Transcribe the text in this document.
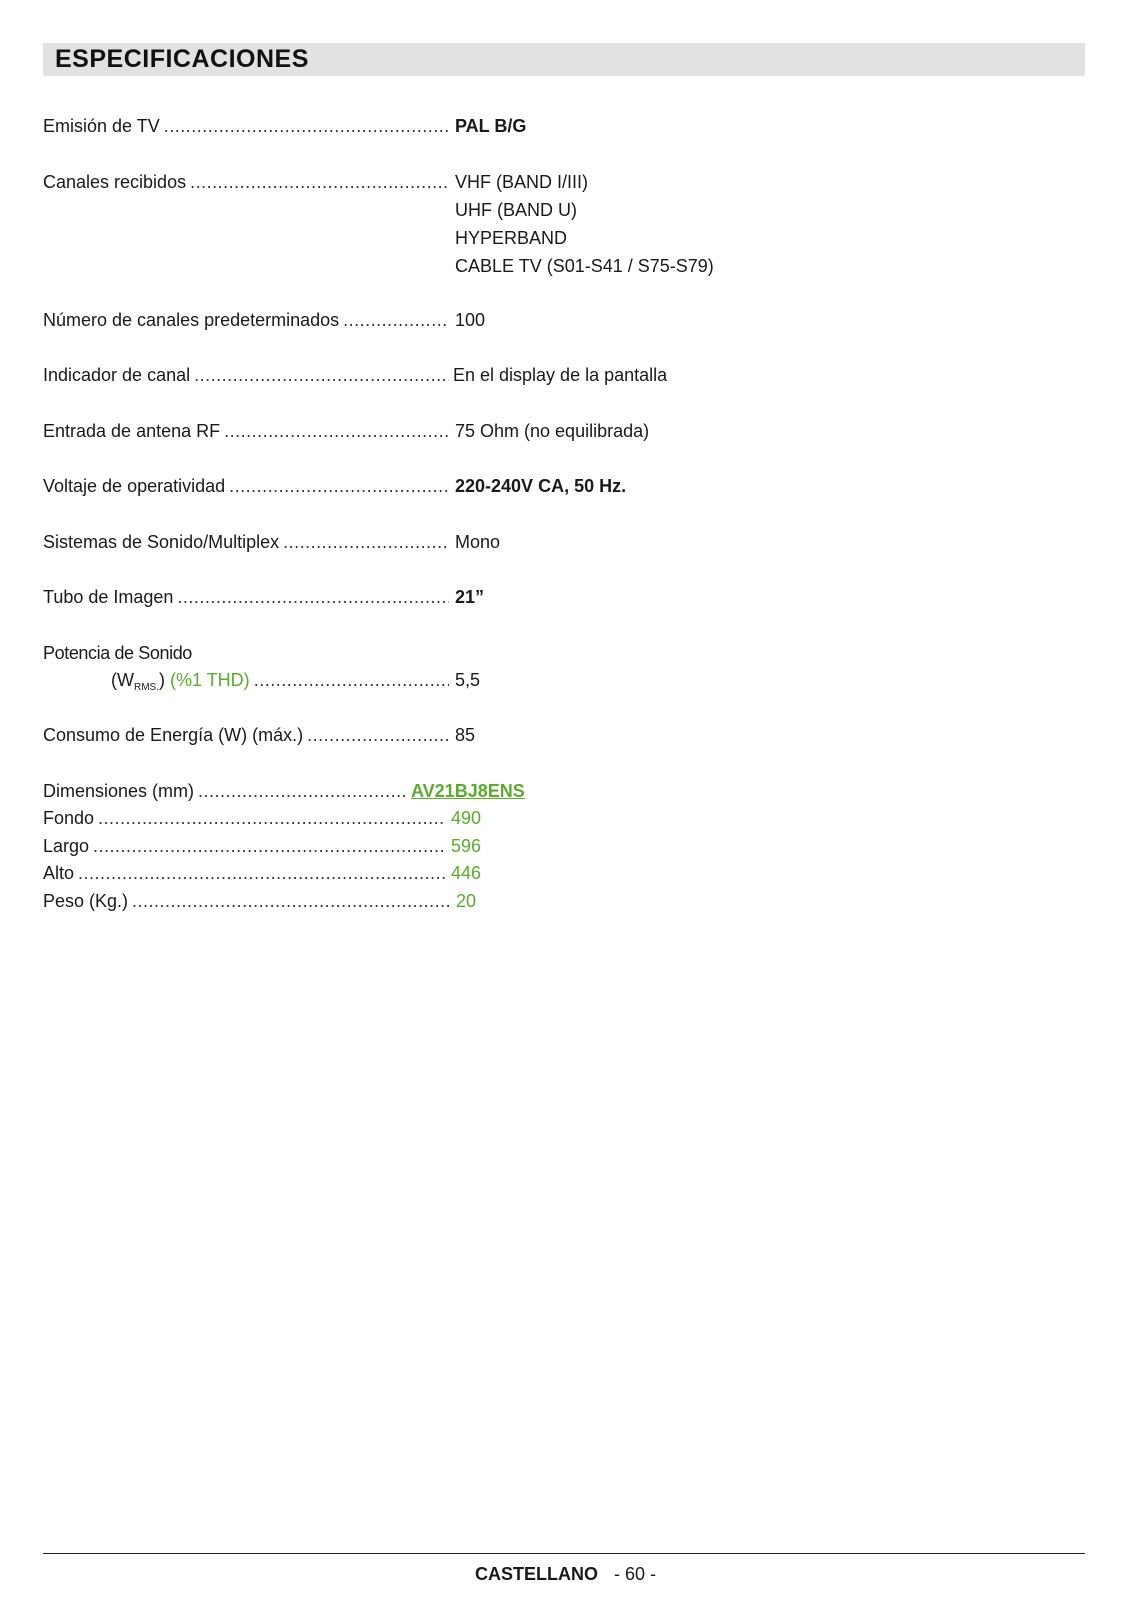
ESPECIFICACIONES
Emisión de TV .....	PAL B/G
Canales recibidos .....	VHF (BAND I/III)
UHF (BAND U)
HYPERBAND
CABLE TV (S01-S41 / S75-S79)
Número de canales predeterminados .....	100
Indicador de canal .....	En el display de la pantalla
Entrada de antena RF .....	75 Ohm (no equilibrada)
Voltaje de operatividad .....	220-240V CA, 50 Hz.
Sistemas de Sonido/Multiplex .....	Mono
Tubo de Imagen .....	21”
Potencia de Sonido
$(W_{RMS.})$ (%1 THD) .....	5,5
Consumo de Energía (W) (máx.) .....	85
Dimensiones (mm) .....	AV21BJ8ENS
Fondo .....	490
Largo .....	596
Alto .....	446
Peso (Kg.) .....	20
CASTELLANO - 60 -
